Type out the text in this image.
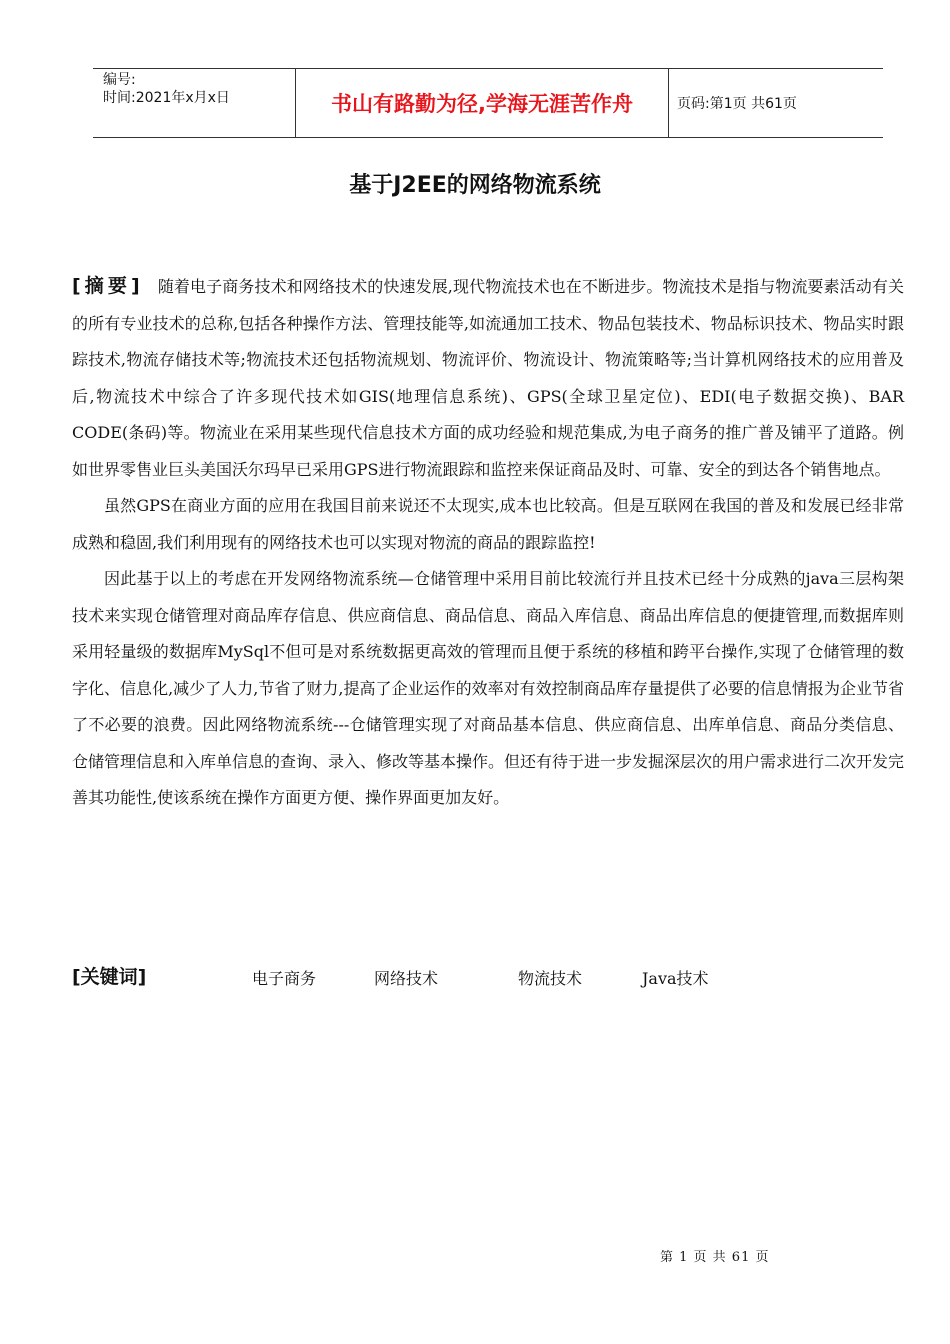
编号:
时间:2021年x月x日	书山有路勤为径,学海无涯苦作舟	页码:第1页 共61页
基于J2EE的网络物流系统

[摘要] 随着电子商务技术和网络技术的快速发展,现代物流技术也在不断进步。物流技术是指与物流要素活动有关的所有专业技术的总称,包括各种操作方法、管理技能等,如流通加工技术、物品包装技术、物品标识技术、物品实时跟踪技术,物流存储技术等;物流技术还包括物流规划、物流评价、物流设计、物流策略等;当计算机网络技术的应用普及后,物流技术中综合了许多现代技术如GIS(地理信息系统)、GPS(全球卫星定位)、EDI(电子数据交换)、BAR CODE(条码)等。物流业在采用某些现代信息技术方面的成功经验和规范集成,为电子商务的推广普及铺平了道路。例如世界零售业巨头美国沃尔玛早已采用GPS进行物流跟踪和监控来保证商品及时、可靠、安全的到达各个销售地点。

虽然GPS在商业方面的应用在我国目前来说还不太现实,成本也比较高。但是互联网在我国的普及和发展已经非常成熟和稳固,我们利用现有的网络技术也可以实现对物流的商品的跟踪监控!

因此基于以上的考虑在开发网络物流系统—仓储管理中采用目前比较流行并且技术已经十分成熟的java三层构架技术来实现仓储管理对商品库存信息、供应商信息、商品信息、商品入库信息、商品出库信息的便捷管理,而数据库则采用轻量级的数据库MySql不但可是对系统数据更高效的管理而且便于系统的移植和跨平台操作,实现了仓储管理的数字化、信息化,减少了人力,节省了财力,提高了企业运作的效率对有效控制商品库存量提供了必要的信息情报为企业节省了不必要的浪费。因此网络物流系统---仓储管理实现了对商品基本信息、供应商信息、出库单信息、商品分类信息、仓储管理信息和入库单信息的查询、录入、修改等基本操作。但还有待于进一步发掘深层次的用户需求进行二次开发完善其功能性,使该系统在操作方面更方便、操作界面更加友好。

[关键词]	电子商务	网络技术	物流技术	Java技术
第 1 页 共 61 页
